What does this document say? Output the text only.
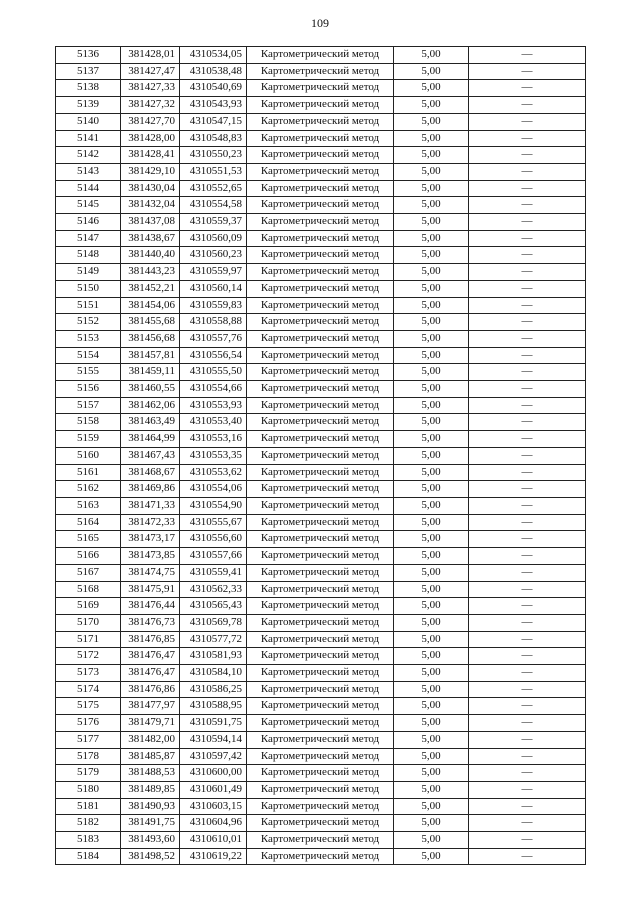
109
5136	381428,01	4310534,05	Картометрический метод	5,00	—
5137	381427,47	4310538,48	Картометрический метод	5,00	—
5138	381427,33	4310540,69	Картометрический метод	5,00	—
5139	381427,32	4310543,93	Картометрический метод	5,00	—
5140	381427,70	4310547,15	Картометрический метод	5,00	—
5141	381428,00	4310548,83	Картометрический метод	5,00	—
5142	381428,41	4310550,23	Картометрический метод	5,00	—
5143	381429,10	4310551,53	Картометрический метод	5,00	—
5144	381430,04	4310552,65	Картометрический метод	5,00	—
5145	381432,04	4310554,58	Картометрический метод	5,00	—
5146	381437,08	4310559,37	Картометрический метод	5,00	—
5147	381438,67	4310560,09	Картометрический метод	5,00	—
5148	381440,40	4310560,23	Картометрический метод	5,00	—
5149	381443,23	4310559,97	Картометрический метод	5,00	—
5150	381452,21	4310560,14	Картометрический метод	5,00	—
5151	381454,06	4310559,83	Картометрический метод	5,00	—
5152	381455,68	4310558,88	Картометрический метод	5,00	—
5153	381456,68	4310557,76	Картометрический метод	5,00	—
5154	381457,81	4310556,54	Картометрический метод	5,00	—
5155	381459,11	4310555,50	Картометрический метод	5,00	—
5156	381460,55	4310554,66	Картометрический метод	5,00	—
5157	381462,06	4310553,93	Картометрический метод	5,00	—
5158	381463,49	4310553,40	Картометрический метод	5,00	—
5159	381464,99	4310553,16	Картометрический метод	5,00	—
5160	381467,43	4310553,35	Картометрический метод	5,00	—
5161	381468,67	4310553,62	Картометрический метод	5,00	—
5162	381469,86	4310554,06	Картометрический метод	5,00	—
5163	381471,33	4310554,90	Картометрический метод	5,00	—
5164	381472,33	4310555,67	Картометрический метод	5,00	—
5165	381473,17	4310556,60	Картометрический метод	5,00	—
5166	381473,85	4310557,66	Картометрический метод	5,00	—
5167	381474,75	4310559,41	Картометрический метод	5,00	—
5168	381475,91	4310562,33	Картометрический метод	5,00	—
5169	381476,44	4310565,43	Картометрический метод	5,00	—
5170	381476,73	4310569,78	Картометрический метод	5,00	—
5171	381476,85	4310577,72	Картометрический метод	5,00	—
5172	381476,47	4310581,93	Картометрический метод	5,00	—
5173	381476,47	4310584,10	Картометрический метод	5,00	—
5174	381476,86	4310586,25	Картометрический метод	5,00	—
5175	381477,97	4310588,95	Картометрический метод	5,00	—
5176	381479,71	4310591,75	Картометрический метод	5,00	—
5177	381482,00	4310594,14	Картометрический метод	5,00	—
5178	381485,87	4310597,42	Картометрический метод	5,00	—
5179	381488,53	4310600,00	Картометрический метод	5,00	—
5180	381489,85	4310601,49	Картометрический метод	5,00	—
5181	381490,93	4310603,15	Картометрический метод	5,00	—
5182	381491,75	4310604,96	Картометрический метод	5,00	—
5183	381493,60	4310610,01	Картометрический метод	5,00	—
5184	381498,52	4310619,22	Картометрический метод	5,00	—
